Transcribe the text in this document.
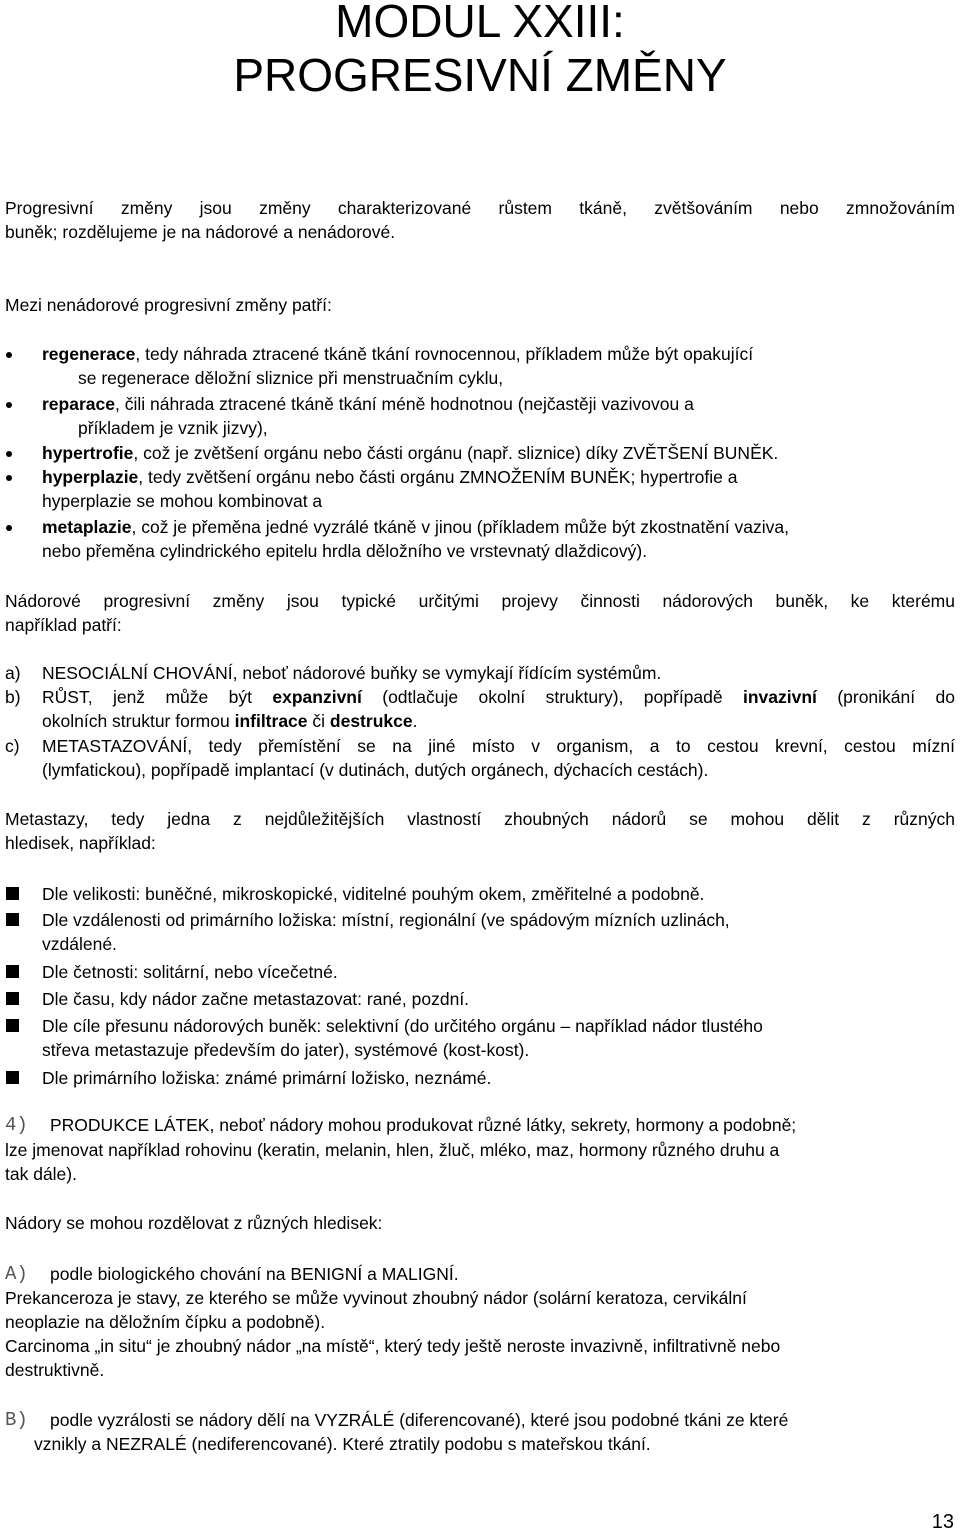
MODUL XXIII:
PROGRESIVNÍ ZMĚNY
Progresivní změny jsou změny charakterizované růstem tkáně, zvětšováním nebo zmnožováním
buněk; rozdělujeme je na nádorové a nenádorové.
Mezi nenádorové progresivní změny patří:
regenerace, tedy náhrada ztracené tkáně tkání rovnocennou, příkladem může být opakující
se regenerace děložní sliznice při menstruačním cyklu,
reparace, čili náhrada ztracené tkáně tkání méně hodnotnou (nejčastěji vazivovou a
příkladem je vznik jizvy),
hypertrofie, což je zvětšení orgánu nebo části orgánu (např. sliznice) díky ZVĚTŠENÍ BUNĚK.
hyperplazie, tedy zvětšení orgánu nebo části orgánu ZMNOŽENÍM BUNĚK; hypertrofie a
hyperplazie se mohou kombinovat a
metaplazie, což je přeměna jedné vyzrálé tkáně v jinou (příkladem může být zkostnatění vaziva,
nebo přeměna cylindrického epitelu hrdla děložního ve vrstevnatý dlaždicový).
Nádorové progresivní změny jsou typické určitými projevy činnosti nádorových buněk, ke kterému
například patří:
a) NESOCIÁLNÍ CHOVÁNÍ, neboť nádorové buňky se vymykají řídícím systémům.
b) RŮST, jenž může být expanzivní (odtlačuje okolní struktury), popřípadě invazivní (pronikání do
okolních struktur formou infiltrace či destrukce.
c) METASTAZOVÁNÍ, tedy přemístění se na jiné místo v organism, a to cestou krevní, cestou mízní
(lymfatickou), popřípadě implantací (v dutinách, dutých orgánech, dýchacích cestách).
Metastazy, tedy jedna z nejdůležitějších vlastností zhoubných nádorů se mohou dělit z různých
hledisek, například:
Dle velikosti: buněčné, mikroskopické, viditelné pouhým okem, změřitelné a podobně.
Dle vzdálenosti od primárního ložiska: místní, regionální (ve spádovým mízních uzlinách,
vzdálené.
Dle četnosti: solitární, nebo vícečetné.
Dle času, kdy nádor začne metastazovat: rané, pozdní.
Dle cíle přesunu nádorových buněk: selektivní (do určitého orgánu – například nádor tlustého
střeva metastazuje především do jater), systémové (kost-kost).
Dle primárního ložiska: známé primární ložisko, neznámé.
4) PRODUKCE LÁTEK, neboť nádory mohou produkovat různé látky, sekrety, hormony a podobně;
lze jmenovat například rohovinu (keratin, melanin, hlen, žluč, mléko, maz, hormony různého druhu a
tak dále).
Nádory se mohou rozdělovat z různých hledisek:
A) podle biologického chování na BENIGNÍ a MALIGNÍ.
Prekanceroza je stavy, ze kterého se může vyvinout zhoubný nádor (solární keratoza, cervikální
neoplazie na děložním čípku a podobně).
Carcinoma „in situ“ je zhoubný nádor „na místě“, který tedy ještě neroste invazivně, infiltrativně nebo
destruktivně.
B) podle vyzrálosti se nádory dělí na VYZRÁLÉ (diferencované), které jsou podobné tkáni ze které
vznikly a NEZRALÉ (nediferencované). Které ztratily podobu s mateřskou tkání.
13
